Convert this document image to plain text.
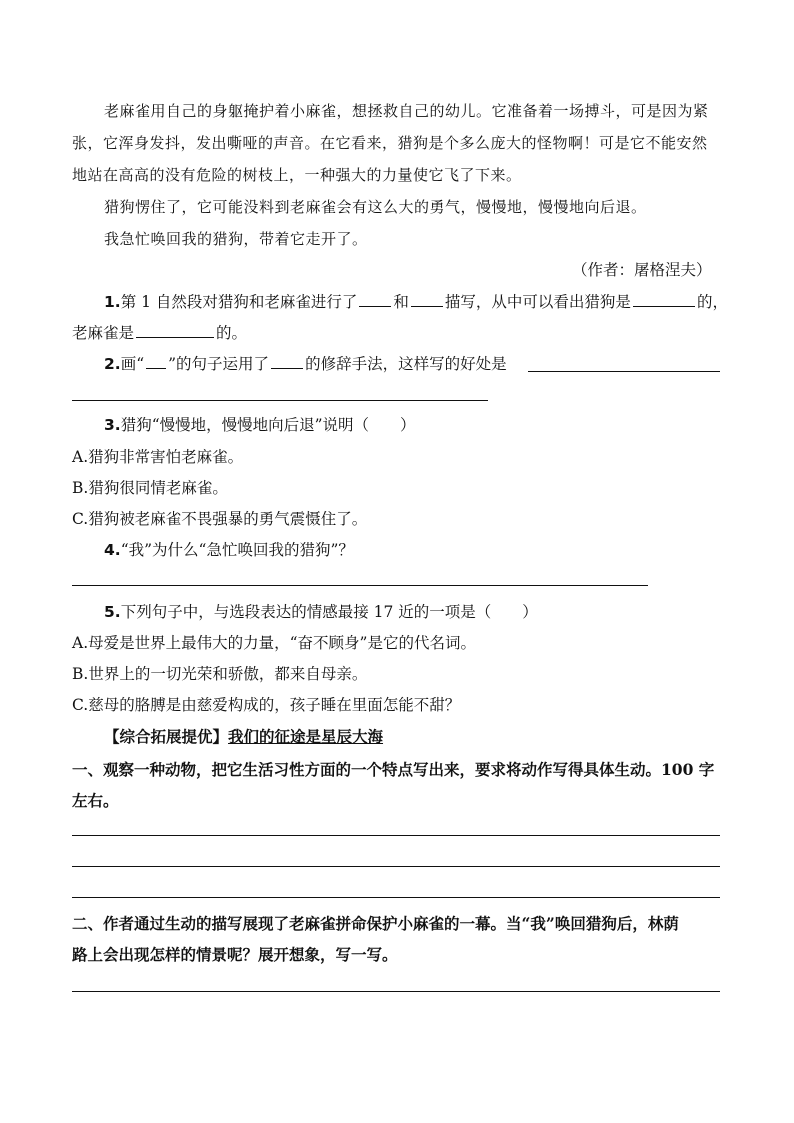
老麻雀用自己的身躯掩护着小麻雀，想拯救自己的幼儿。它准备着一场搏斗，可是因为紧
张，它浑身发抖，发出嘶哑的声音。在它看来，猎狗是个多么庞大的怪物啊！可是它不能安然
地站在高高的没有危险的树枝上，一种强大的力量使它飞了下来。
猎狗愣住了，它可能没料到老麻雀会有这么大的勇气，慢慢地，慢慢地向后退。
我急忙唤回我的猎狗，带着它走开了。
（作者：屠格涅夫）
1.第 1 自然段对猎狗和老麻雀进行了 和 描写，从中可以看出猎狗是	的，
老麻雀是	的。
2.画“ ”的句子运用了 的修辞手法，这样写的好处是
3.猎狗“慢慢地，慢慢地向后退”说明（　　）
A.猎狗非常害怕老麻雀。
B.猎狗很同情老麻雀。
C.猎狗被老麻雀不畏强暴的勇气震慑住了。
4.“我”为什么“急忙唤回我的猎狗”？
5.下列句子中，与选段表达的情感最接 17 近的一项是（　　）
A.母爱是世界上最伟大的力量，“奋不顾身”是它的代名词。
B.世界上的一切光荣和骄傲，都来自母亲。
C.慈母的胳膊是由慈爱构成的，孩子睡在里面怎能不甜？
【综合拓展提优】我们的征途是星辰大海
一、观察一种动物，把它生活习性方面的一个特点写出来，要求将动作写得具体生动。100 字
左右。
二、作者通过生动的描写展现了老麻雀拼命保护小麻雀的一幕。当“我”唤回猎狗后，林荫
路上会出现怎样的情景呢？展开想象，写一写。
